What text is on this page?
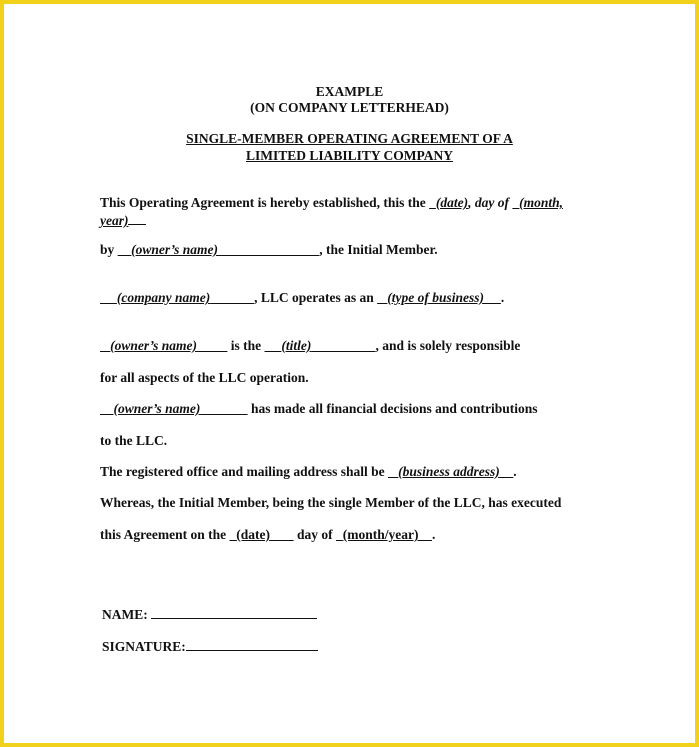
EXAMPLE
(ON COMPANY LETTERHEAD)
SINGLE-MEMBER OPERATING AGREEMENT OF A
LIMITED LIABILITY COMPANY
This Operating Agreement is hereby established, this the (date), day of (month,
year)
by (owner’s name)	, the Initial Member.
(company name)	, LLC operates as an (type of business) .
(owner’s name)	is the (title)	, and is solely responsible
for all aspects of the LLC operation.
(owner’s name)	has made all financial decisions and contributions
to the LLC.
The registered office and mailing address shall be (business address) .
Whereas, the Initial Member, being the single Member of the LLC, has executed
this Agreement on the (date) day of (month/year) .
NAME:
SIGNATURE:
